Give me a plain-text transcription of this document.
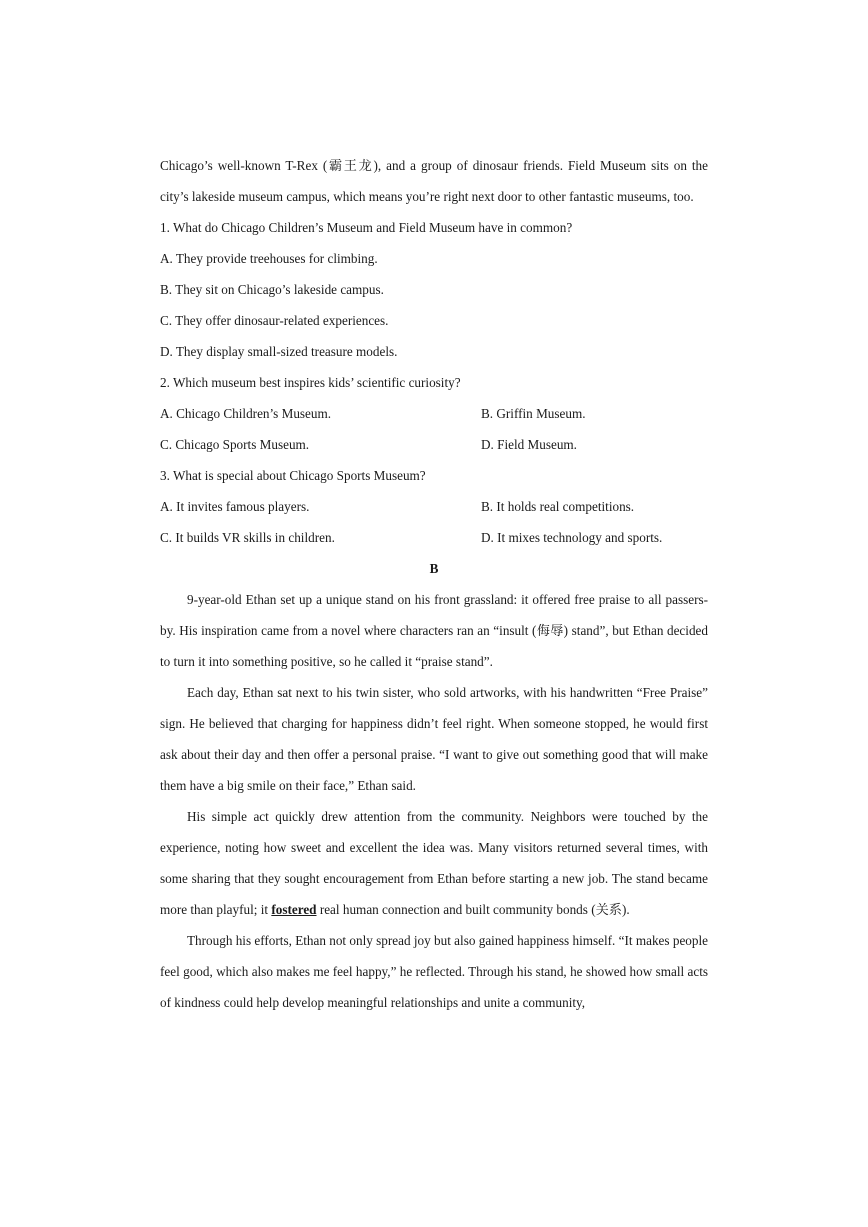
Chicago’s well-known T-Rex (霸王龙), and a group of dinosaur friends. Field Museum sits on the city’s lakeside museum campus, which means you’re right next door to other fantastic museums, too.

1. What do Chicago Children’s Museum and Field Museum have in common?

A. They provide treehouses for climbing.

B. They sit on Chicago’s lakeside campus.

C. They offer dinosaur-related experiences.

D. They display small-sized treasure models.

2. Which museum best inspires kids’ scientific curiosity?

A. Chicago Children’s Museum.	B. Griffin Museum.
C. Chicago Sports Museum.	D. Field Museum.

3. What is special about Chicago Sports Museum?

A. It invites famous players.	B. It holds real competitions.
C. It builds VR skills in children.	D. It mixes technology and sports.

B

9-year-old Ethan set up a unique stand on his front grassland: it offered free praise to all passers-by. His inspiration came from a novel where characters ran an “insult (侮辱) stand”, but Ethan decided to turn it into something positive, so he called it “praise stand”.

Each day, Ethan sat next to his twin sister, who sold artworks, with his handwritten “Free Praise” sign. He believed that charging for happiness didn’t feel right. When someone stopped, he would first ask about their day and then offer a personal praise. “I want to give out something good that will make them have a big smile on their face,” Ethan said.

His simple act quickly drew attention from the community. Neighbors were touched by the experience, noting how sweet and excellent the idea was. Many visitors returned several times, with some sharing that they sought encouragement from Ethan before starting a new job. The stand became more than playful; it fostered real human connection and built community bonds (关系).

Through his efforts, Ethan not only spread joy but also gained happiness himself. “It makes people feel good, which also makes me feel happy,” he reflected. Through his stand, he showed how small acts of kindness could help develop meaningful relationships and unite a community,
